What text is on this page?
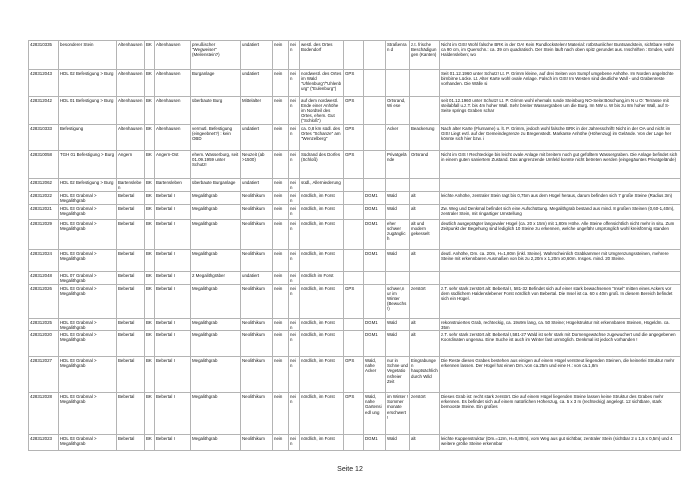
428310335	besonderer Stein	Altenhausen	BK	Altenhausen	preußischer "Wegweiser" (Meilenstein?)	undatiert	nein	nein	westl. des Ortes Bodendorf			Straßenran d	z.t. frische Beschädigungen (Kanten)	Nicht im GIS! Wohl falsche BRK in der OA! Kein Rundlockstelen! Material: rotbräunlicher Buntsandstein, sichtbare Höhe ca 90 cm, im Querschn.: ca. 39 cm quadratisch. Der Stein läuft nach oben spitz gerundet aus. Inschriften : Emden, wohl Haldensleben; wo
428312043	HDL 02 Befestigung > Burg	Altenhausen	BK	Altenhausen	Burganlage	undatiert	nein	nein	nordwestl. des Ortes im Wald "Uhlenburg"/"Uhlenburg" ("Eulenburg")	GPS				Seit 01.12.1960 unter Schutz! Lt. P. Grimm kleine, auf drei Seiten von Sumpf umgebene Anhöhe. Im Norden angelöchte birnbirne Lücke. Lt. Alter Karte wohl ovale Anlage. Falsch im GIS! Im Westen sind deutliche Wall - und Grabenreste vorhanden. Die Wälle si
428312042	HDL 01 Befestigung > Burg	Altenhausen	BK	Altenhausen	überbaute Burg	Mittelalter	nein	nein	auf dem nordwestl. Ende einer Anhöhe im Nordteil des Ortes, ehem. Gut ("Schloß")	GPS		Ortsrand,Wi ese		seit 01.12.1960 unter Schutz! Lt. P. Grimm wohl ehemals runde Steinburg NO-Seite:Böschung,im N u O: Terrasse mit steilabfall u.z.T. bis 4m hoher Wall. Sehr breiter Wassergraben um die Burg. Im NW u. W bis zu 8m hoher Wall, auf S-Seite springs Graben schar
428310333	Befestigung	Altenhausen	BK	Altenhausen	vermutl. Befestigung (eingeebnet?) : kein OBD	undatiert	nein	nein	ca. 0,8 km südl. des Ortes "Schanze" am "Wenzelberg"	GPS		Acker	Beackerung	Nach alter Karte (Flurname) u. lt. P. Grimm, jedoch wohl falsche BRK in der Jahresschrift! Nicht in der OA und nicht im GIS! Liegt evtl. auf der Gemeindegrenze zu Bregenstedt. Markante Anhöhe (Höhenzug) im Gelände. Von der Lage her könnte sich hier bzw. i
428310058	TGH 01 Befestigung > Burg	Angern	BK	Angern-Ost	ehem. Wasserburg, seit 01.09.1959 unter Schutz!	Neuzeit (ab >1500)	nein	nein	Südrand des Dorfes (Schloß)	GPS		Privatgelä nde	Ortsrand	Nicht im GIS ! Rechteckige bis leicht ovale Anlage mit breitem noch gut gefülltem Wassergraben. Die Anlage befindet sich in einem guten saniertem Zustand. Das angrenzende Umfeld konnte nicht betreten werden (eingegäuntes Privatgelände)
428312062	HDL 02 Befestigung > Burg	Bartensleben	BK	Bartensleben	überbaute Burganlage	undatiert	nein	nein	südl., Allerniederung					
428312022	HDL 03 Grabmal > Megalithgrab	Bebertal	BK	Bebertal I	Megalithgrab	Neolithikum	nein	nein	nördlich, im Forst		DGM1	Wald	alt	leichte Anhöhe, zentraler Stein ragt bis 0,75m aus dem Hügel heraus, darum befinden sich 7 große Steine (Radius 3m)
428312021	HDL 03 Grabmal > Megalithgrab	Bebertal	BK	Bebertal I	Megalithgrab	Neolithikum	nein	nein	nördlich, im Forst		DGM1	Wald	alt	Zw. Weg und Denkmal befindet sich eine Aufschüttung. Megalithgrab bestand aus mind. 8 großen Steinen (0,60-1,40m), zentraler Stein, mit ringartiger Umstellung
428312029	HDL 03 Grabmal > Megalithgrab	Bebertal	BK	Bebertal I	Megalithgrab	Neolithikum	nein	nein	nördlich, im Forst		DGM1	eher schwer zugänglic h	alt und modern gekesselt	deutlich ausgeprägter langovaler Hügel (ca. 20 x 15m) mit 1,80m Höhe. Alle Steine offensichtlich nicht mehr in situ. Zum Zeitpunkt der Begehung sind lediglich 10 Steine zu erkennen, welche ungefähr ursprünglich wohl kreisförmig standen
428312024	HDL 03 Grabmal > Megalithgrab	Bebertal	BK	Bebertal I	Megalithgrab	Neolithikum	nein	nein	nördlich, im Forst		DGM1	Wald	alt	deutl. Anhöhe, Dm. ca. 20m, H=1,80m (inkl. Steine). Wahrscheinlich Grabkammer mit Umgrenzungssteinen, mehrere Steine mit erkennbaren Ausmaßen von bis zu 2,20m x 1,20m x0,60m. Insges. mind. 20 Steine.
428312048	HDL 07 Grabmal > Megalithgrab	Bebertal	BK	Bebertal I	2 Megalithgräber	undatiert	nein	nein	nördlich im Forst					
428312026	HDL 03 Grabmal > Megalithgrab	Bebertal	BK	Bebertal I	Megalithgrab	Neolithikum	nein	nein	nördlich, im Forst	GPS		schwer,n ur im Winter (Bewuchs !)	zerstört	z.T. sehr stark zerstört alt: Bebertal I, 581-32 Befindet sich auf einer stark bewachsenen "Insel" mitten eines Ackers vor dem südlichem Haldenslebener Forst nördlich von Bebertal. Die Insel ist ca. 60 x 40m groß. In diesem Bereich befindet sich ein Hügel.
428312025	HDL 03 Grabmal > Megalithgrab	Bebertal	BK	Bebertal I	Megalithgrab	Neolithikum	nein	nein	nördlich, im Forst		DGM1	Wald	alt	rekonstruiertes Grab, rechteckig, ca. 19x9m lang, ca. 50 Steine; Hügelstruktur mit erkennbaren Steinen, Hügeldm. ca. 35m
428312020	HDL 03 Grabmal > Megalithgrab	Bebertal	BK	Bebertal I	Megalithgrab	Neolithikum	nein	nein	nördlich, im Forst		DGM1	Wald	alt	z.T. sehr stark zerstört alt: Bebertal I,581-27 Wald ist sehr stark mit Dornengewächse zugewuchert und die angegebenen Koordinaten ungenau. Eine Suche ist auch im Winter fast unmöglich. Denkmal ist jedoch vorhanden !
428312027	HDL 03 Grabmal > Megalithgrab	Bebertal	BK	Bebertal I	Megalithgrab	Neolithikum	nein	nein	nördlich, im Forst	GPS	Wald, nahe Acker	nur in Schne und Vegetatio nsfreier Zeit	Eingrabungen hauptsächlich durch Wild	Die Reste dieses Grabes bestehen aus einigen auf einem Hügel verstreut liegenden Steinen, die keinerlei Struktur mehr erkennen lassen. Der Hügel hat einen Dm.:von ca.25m und eine H.: von ca.1,8m
428312028	HDL 03 Grabmal > Megalithgrab	Bebertal	BK	Bebertal I	Megalithgrab	Neolithikum	nein	nein	nördlich, im Forst	GPS	Wald, nahe Gartensiedl ung	im Winter ! Sommer monate erschwert !	zerstört	Dieses Grab ist: recht stark zerstört. Die auf einem Hügel liegenden Steine lassen keine Struktur des Grabes mehr erkennen. Es befindet sich auf einem natürlichen Höhenzug, ca. 5 x 3 m (rechteckig) angelegt. 12 sichtbare, stark bemooste Steine. Ein großes
428312023	HDL 03 Grabmal > Megalithgrab	Bebertal	BK	Bebertal I	Megalithgrab	Neolithikum	nein	nein	nördlich, im Forst		DGM1	Wald	alt	leichte Kuppenstruktur (Dm.=12m, H=0,80m), vom Weg aus gut sichtbar, zentraler Stein (sichtbar 2 x 1,5 x 0,5m) und 4 weitere größe Steine erkennbar
Seite 12
